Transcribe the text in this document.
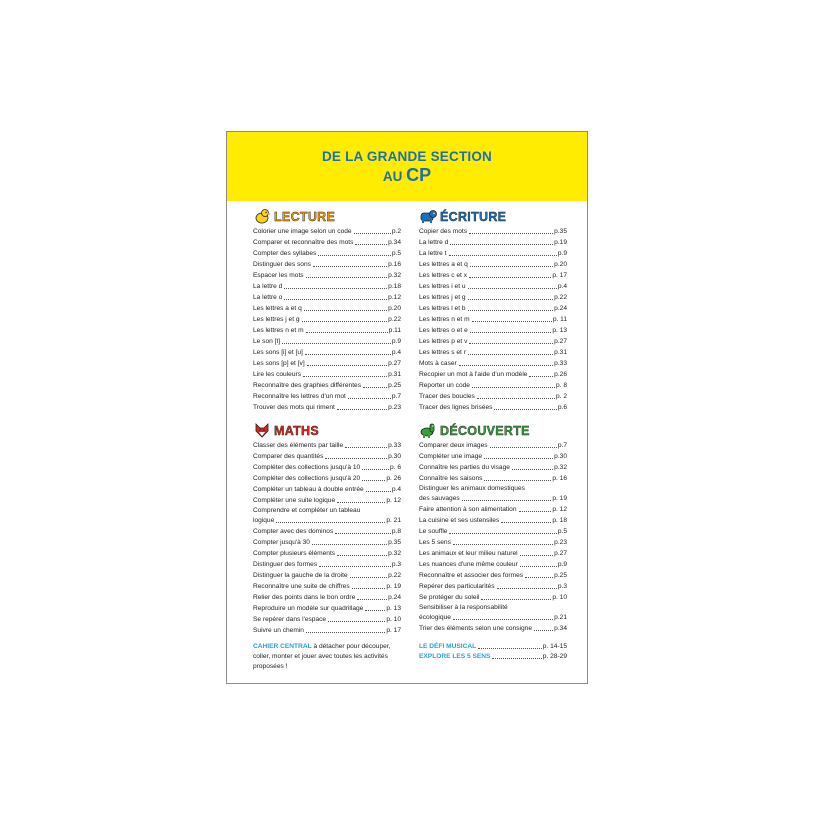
DE LA GRANDE SECTION
AU CP
LECTURE
Colorier une image selon un code	p.2
Comparer et reconnaître des mots	p.34
Compter des syllabes	p.5
Distinguer des sons	p.16
Espacer les mots	p.32
La lettre d	p.18
La lettre o	p.12
Les lettres a et q	p.20
Les lettres j et g	p.22
Les lettres n et m	p.11
Le son [t]	p.9
Les sons [i] et [u]	p.4
Les sons [p] et [v]	p.27
Lire les couleurs	p.31
Reconnaître des graphies différentes	p.25
Reconnaître les lettres d'un mot	p.7
Trouver des mots qui riment	p.23
MATHS
Classer des éléments par taille	p.33
Comparer des quantités	p.30
Compléter des collections jusqu'à 10	p. 6
Compléter des collections jusqu'à 20	p. 26
Compléter un tableau à double entrée	p.4
Compléter une suite logique	p. 12
Comprendre et compléter un tableau
logique	p. 21
Compter avec des dominos	p.8
Compter jusqu'à 30	p.35
Compter plusieurs éléments	p.32
Distinguer des formes	p.3
Distinguer la gauche de la droite	p.22
Reconnaître une suite de chiffres	p. 19
Relier des points dans le bon ordre	p.24
Reproduire un modèle sur quadrillage	p. 13
Se repérer dans l'espace	p. 10
Suivre un chemin	p. 17
CAHIER CENTRAL à détacher pour découper, coller, monter et jouer avec toutes les activités proposées !
ÉCRITURE
Copier des mots	p.35
La lettre d	p.19
La lettre t	p.9
Les lettres a et q	p.20
Les lettres c et x	p. 17
Les lettres i et u	p.4
Les lettres j et g	p.22
Les lettres l et b	p.24
Les lettres n et m	p. 11
Les lettres o et e	p. 13
Les lettres p et v	p.27
Les lettres s et r	p.31
Mots à caser	p.33
Recopier un mot à l'aide d'un modèle	p.26
Reporter un code	p. 8
Tracer des boucles	p. 2
Tracer des lignes brisées	p.6
DÉCOUVERTE
Comparer deux images	p.7
Compléter une image	p.30
Connaître les parties du visage	p.32
Connaître les saisons	p. 16
Distinguer les animaux domestiques
des sauvages	p. 19
Faire attention à son alimentation	p. 12
La cuisine et ses ustensiles	p. 18
Le souffle	p.5
Les 5 sens	p.23
Les animaux et leur milieu naturel	p.27
Les nuances d'une même couleur	p.9
Reconnaître et associer des formes	p.25
Repérer des particularités	p.3
Se protéger du soleil	p. 10
Sensibiliser à la responsabilité
écologique	p.21
Trier des éléments selon une consigne	p.34
LE DÉFI MUSICAL	p. 14-15
EXPLORE LES 5 SENS	p. 28-29
